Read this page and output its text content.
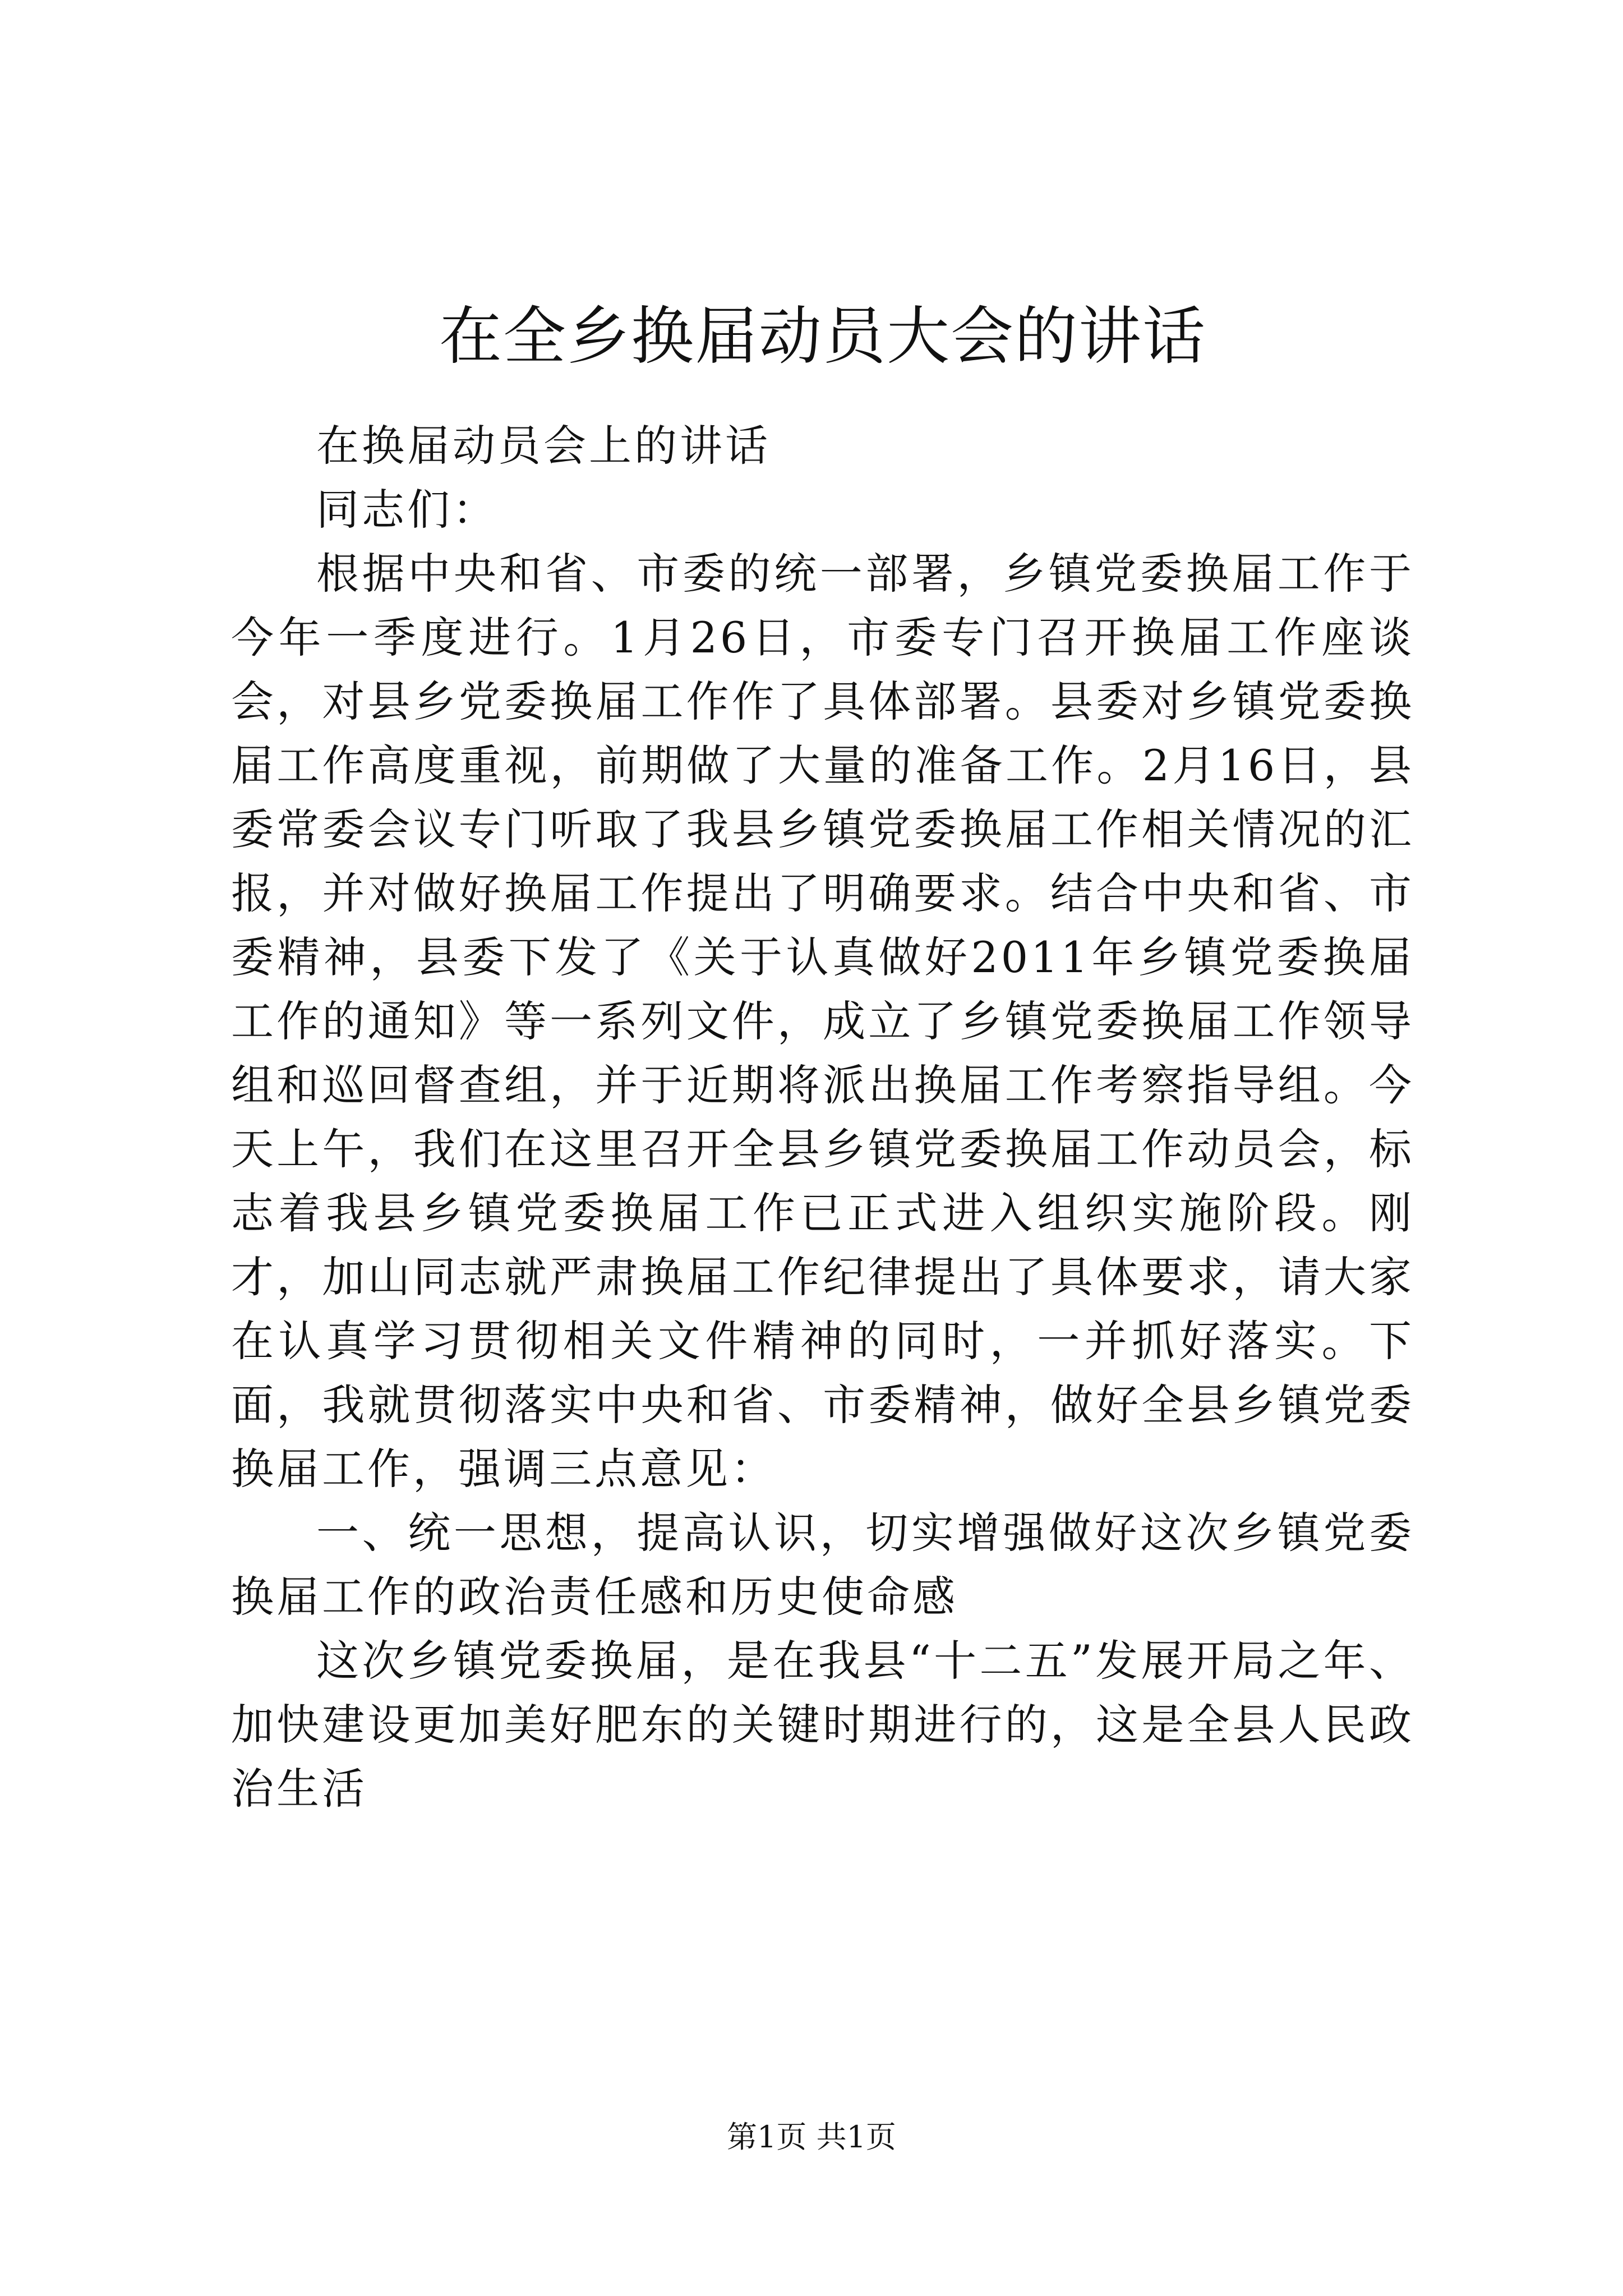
在全乡换届动员大会的讲话

在换届动员会上的讲话

同志们：

根据中央和省、市委的统一部署，乡镇党委换届工作于今年一季度进行。1月26日，市委专门召开换届工作座谈会，对县乡党委换届工作作了具体部署。县委对乡镇党委换届工作高度重视，前期做了大量的准备工作。2月16日，县委常委会议专门听取了我县乡镇党委换届工作相关情况的汇报，并对做好换届工作提出了明确要求。结合中央和省、市委精神，县委下发了《关于认真做好2011年乡镇党委换届工作的通知》等一系列文件，成立了乡镇党委换届工作领导组和巡回督查组，并于近期将派出换届工作考察指导组。今天上午，我们在这里召开全县乡镇党委换届工作动员会，标志着我县乡镇党委换届工作已正式进入组织实施阶段。刚才，加山同志就严肃换届工作纪律提出了具体要求，请大家在认真学习贯彻相关文件精神的同时，一并抓好落实。下面，我就贯彻落实中央和省、市委精神，做好全县乡镇党委换届工作，强调三点意见：

一、统一思想，提高认识，切实增强做好这次乡镇党委换届工作的政治责任感和历史使命感

这次乡镇党委换届，是在我县“十二五”发展开局之年、加快建设更加美好肥东的关键时期进行的，这是全县人民政治生活

第1页 共1页
